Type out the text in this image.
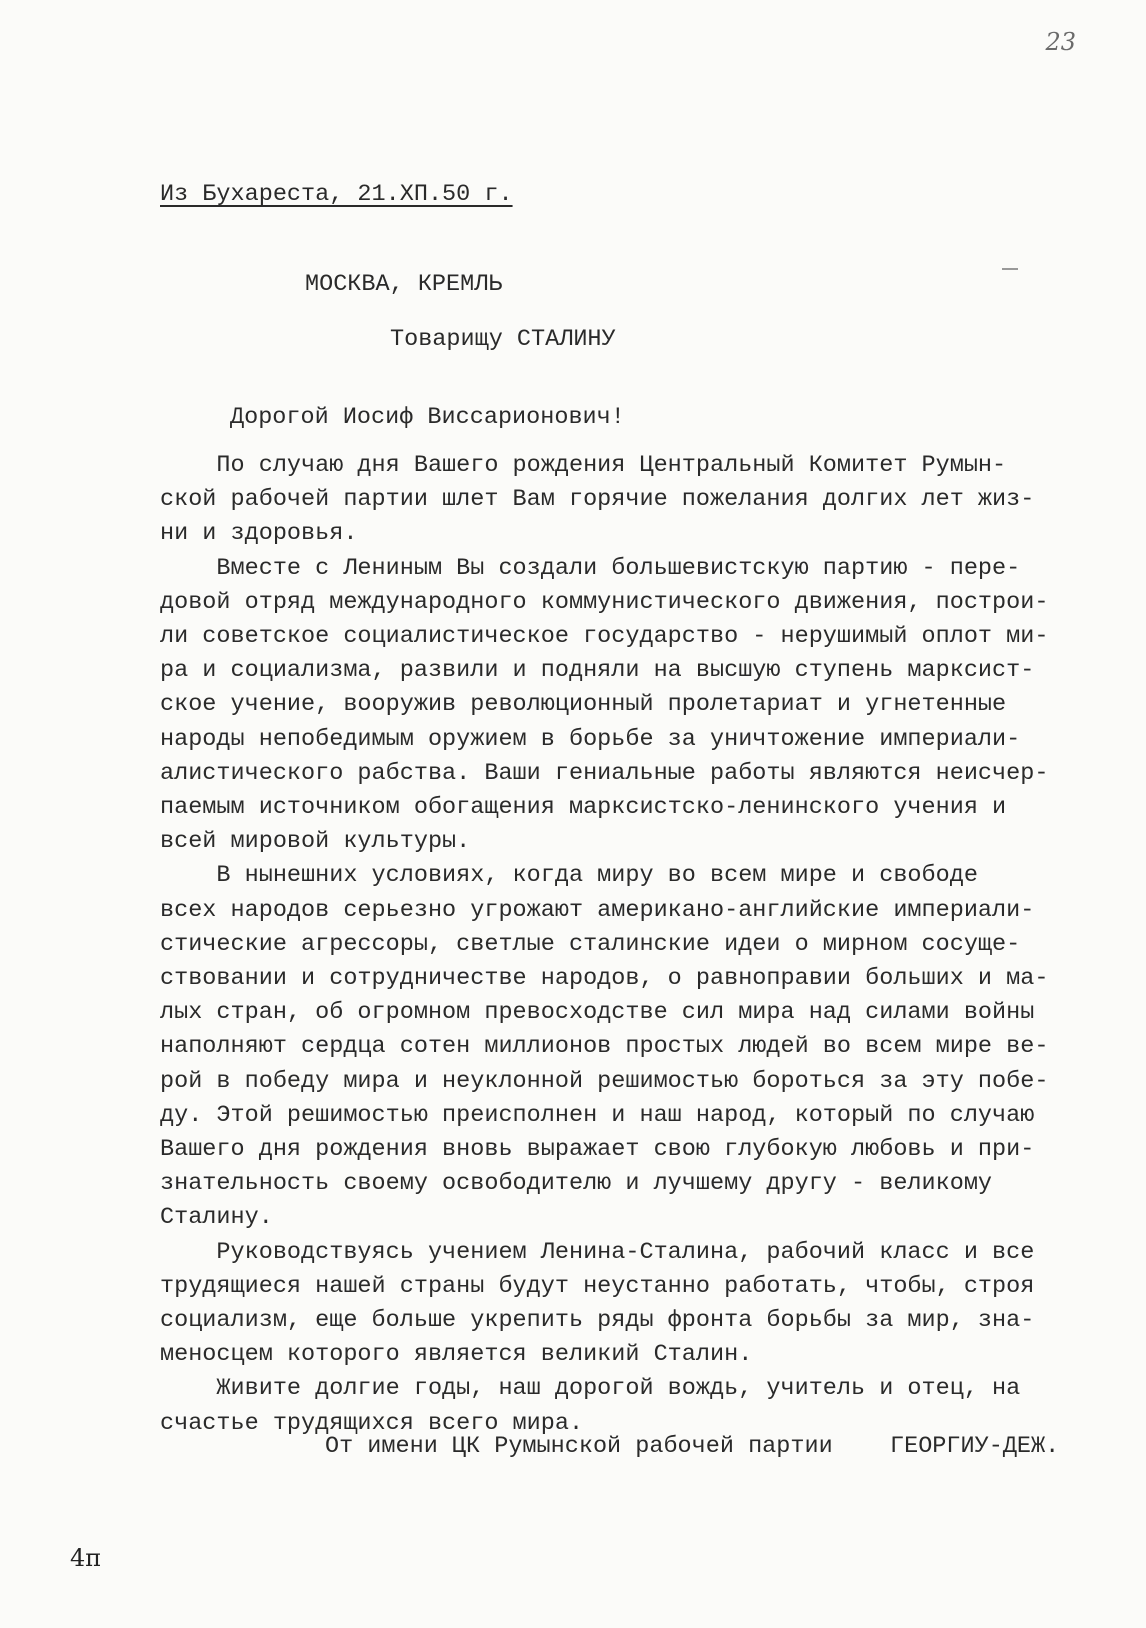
23
Из Бухареста, 21.XП.50 г.
МОСКВА, КРЕМЛЬ
Товарищу СТАЛИНУ
Дорогой Иосиф Виссарионович!
По случаю дня Вашего рождения Центральный Комитет Румын-
ской рабочей партии шлет Вам горячие пожелания долгих лет жиз-
ни и здоровья.
Вместе с Лениным Вы создали большевистскую партию - пере-
довой отряд международного коммунистического движения, построи-
ли советское социалистическое государство - нерушимый оплот ми-
ра и социализма, развили и подняли на высшую ступень марксист-
ское учение, вооружив революционный пролетариат и угнетенные
народы непобедимым оружием в борьбе за уничтожение империали-
алистического рабства. Ваши гениальные работы являются неисчер-
паемым источником обогащения марксистско-ленинского учения и
всей мировой культуры.
В нынешних условиях, когда миру во всем мире и свободе
всех народов серьезно угрожают американо-английские империали-
стические агрессоры, светлые сталинские идеи о мирном сосуще-
ствовании и сотрудничестве народов, о равноправии больших и ма-
лых стран, об огромном превосходстве сил мира над силами войны
наполняют сердца сотен миллионов простых людей во всем мире ве-
рой в победу мира и неуклонной решимостью бороться за эту побе-
ду. Этой решимостью преисполнен и наш народ, который по случаю
Вашего дня рождения вновь выражает свою глубокую любовь и при-
знательность своему освободителю и лучшему другу - великому
Сталину.
Руководствуясь учением Ленина-Сталина, рабочий класс и все
трудящиеся нашей страны будут неустанно работать, чтобы, строя
социализм, еще больше укрепить ряды фронта борьбы за мир, зна-
меносцем которого является великий Сталин.
Живите долгие годы, наш дорогой вождь, учитель и отец, на
счастье трудящихся всего мира.
От имени ЦК Румынской рабочей партии ГЕОРГИУ-ДЕЖ.
4п
